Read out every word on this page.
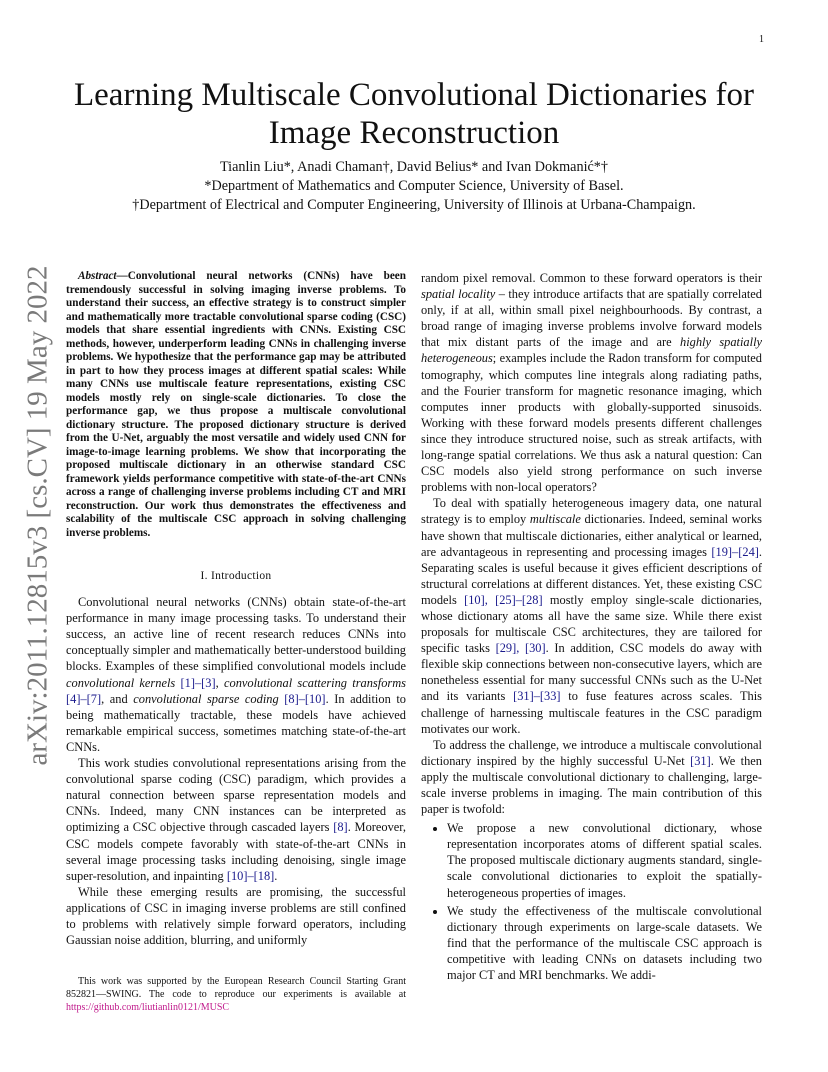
1
arXiv:2011.12815v3 [cs.CV] 19 May 2022
Learning Multiscale Convolutional Dictionaries for Image Reconstruction
Tianlin Liu*, Anadi Chaman†, David Belius* and Ivan Dokmanić*†
*Department of Mathematics and Computer Science, University of Basel.
†Department of Electrical and Computer Engineering, University of Illinois at Urbana-Champaign.

Abstract—Convolutional neural networks (CNNs) have been tremendously successful in solving imaging inverse problems. To understand their success, an effective strategy is to construct simpler and mathematically more tractable convolutional sparse coding (CSC) models that share essential ingredients with CNNs. Existing CSC methods, however, underperform leading CNNs in challenging inverse problems. We hypothesize that the performance gap may be attributed in part to how they process images at different spatial scales: While many CNNs use multiscale feature representations, existing CSC models mostly rely on single-scale dictionaries. To close the performance gap, we thus propose a multiscale convolutional dictionary structure. The proposed dictionary structure is derived from the U-Net, arguably the most versatile and widely used CNN for image-to-image learning problems. We show that incorporating the proposed multiscale dictionary in an otherwise standard CSC framework yields performance competitive with state-of-the-art CNNs across a range of challenging inverse problems including CT and MRI reconstruction. Our work thus demonstrates the effectiveness and scalability of the multiscale CSC approach in solving challenging inverse problems.

I. Introduction

Convolutional neural networks (CNNs) obtain state-of-the-art performance in many image processing tasks. To understand their success, an active line of recent research reduces CNNs into conceptually simpler and mathematically better-understood building blocks. Examples of these simplified convolutional models include convolutional kernels [1]–[3], convolutional scattering transforms [4]–[7], and convolutional sparse coding [8]–[10]. In addition to being mathematically tractable, these models have achieved remarkable empirical success, sometimes matching state-of-the-art CNNs.

This work studies convolutional representations arising from the convolutional sparse coding (CSC) paradigm, which provides a natural connection between sparse representation models and CNNs. Indeed, many CNN instances can be interpreted as optimizing a CSC objective through cascaded layers [8]. Moreover, CSC models compete favorably with state-of-the-art CNNs in several image processing tasks including denoising, single image super-resolution, and inpainting [10]–[18].

While these emerging results are promising, the successful applications of CSC in imaging inverse problems are still confined to problems with relatively simple forward operators, including Gaussian noise addition, blurring, and uniformly

This work was supported by the European Research Council Starting Grant 852821—SWING. The code to reproduce our experiments is available at https://github.com/liutianlin0121/MUSC

random pixel removal. Common to these forward operators is their spatial locality – they introduce artifacts that are spatially correlated only, if at all, within small pixel neighbourhoods. By contrast, a broad range of imaging inverse problems involve forward models that mix distant parts of the image and are highly spatially heterogeneous; examples include the Radon transform for computed tomography, which computes line integrals along radiating paths, and the Fourier transform for magnetic resonance imaging, which computes inner products with globally-supported sinusoids. Working with these forward models presents different challenges since they introduce structured noise, such as streak artifacts, with long-range spatial correlations. We thus ask a natural question: Can CSC models also yield strong performance on such inverse problems with non-local operators?

To deal with spatially heterogeneous imagery data, one natural strategy is to employ multiscale dictionaries. Indeed, seminal works have shown that multiscale dictionaries, either analytical or learned, are advantageous in representing and processing images [19]–[24]. Separating scales is useful because it gives efficient descriptions of structural correlations at different distances. Yet, these existing CSC models [10], [25]–[28] mostly employ single-scale dictionaries, whose dictionary atoms all have the same size. While there exist proposals for multiscale CSC architectures, they are tailored for specific tasks [29], [30]. In addition, CSC models do away with flexible skip connections between non-consecutive layers, which are nonetheless essential for many successful CNNs such as the U-Net and its variants [31]–[33] to fuse features across scales. This challenge of harnessing multiscale features in the CSC paradigm motivates our work.

To address the challenge, we introduce a multiscale convolutional dictionary inspired by the highly successful U-Net [31]. We then apply the multiscale convolutional dictionary to challenging, large-scale inverse problems in imaging. The main contribution of this paper is twofold:

• We propose a new convolutional dictionary, whose representation incorporates atoms of different spatial scales. The proposed multiscale dictionary augments standard, single-scale convolutional dictionaries to exploit the spatially-heterogeneous properties of images.
• We study the effectiveness of the multiscale convolutional dictionary through experiments on large-scale datasets. We find that the performance of the multiscale CSC approach is competitive with leading CNNs on datasets including two major CT and MRI benchmarks. We addi-
